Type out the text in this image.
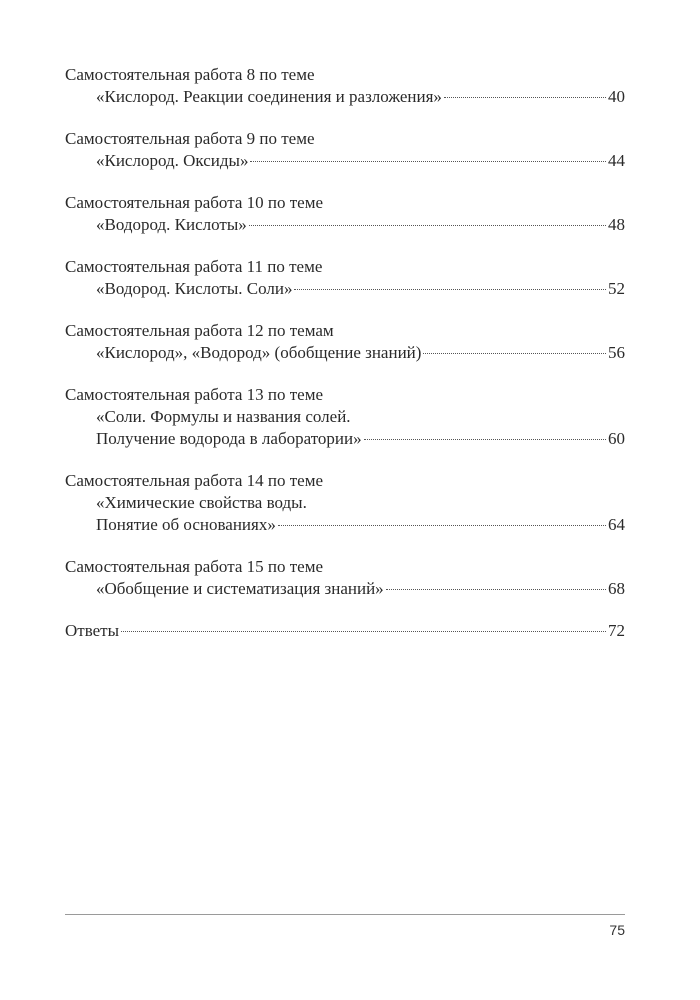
Самостоятельная работа 8 по теме
«Кислород. Реакции соединения и разложения»	40
Самостоятельная работа 9 по теме
«Кислород. Оксиды»	44
Самостоятельная работа 10 по теме
«Водород. Кислоты»	48
Самостоятельная работа 11 по теме
«Водород. Кислоты. Соли»	52
Самостоятельная работа 12 по темам
«Кислород», «Водород» (обобщение знаний)	56
Самостоятельная работа 13 по теме
«Соли. Формулы и названия солей.
Получение водорода в лаборатории»	60
Самостоятельная работа 14 по теме
«Химические свойства воды.
Понятие об основаниях»	64
Самостоятельная работа 15 по теме
«Обобщение и систематизация знаний»	68
Ответы	72
75
